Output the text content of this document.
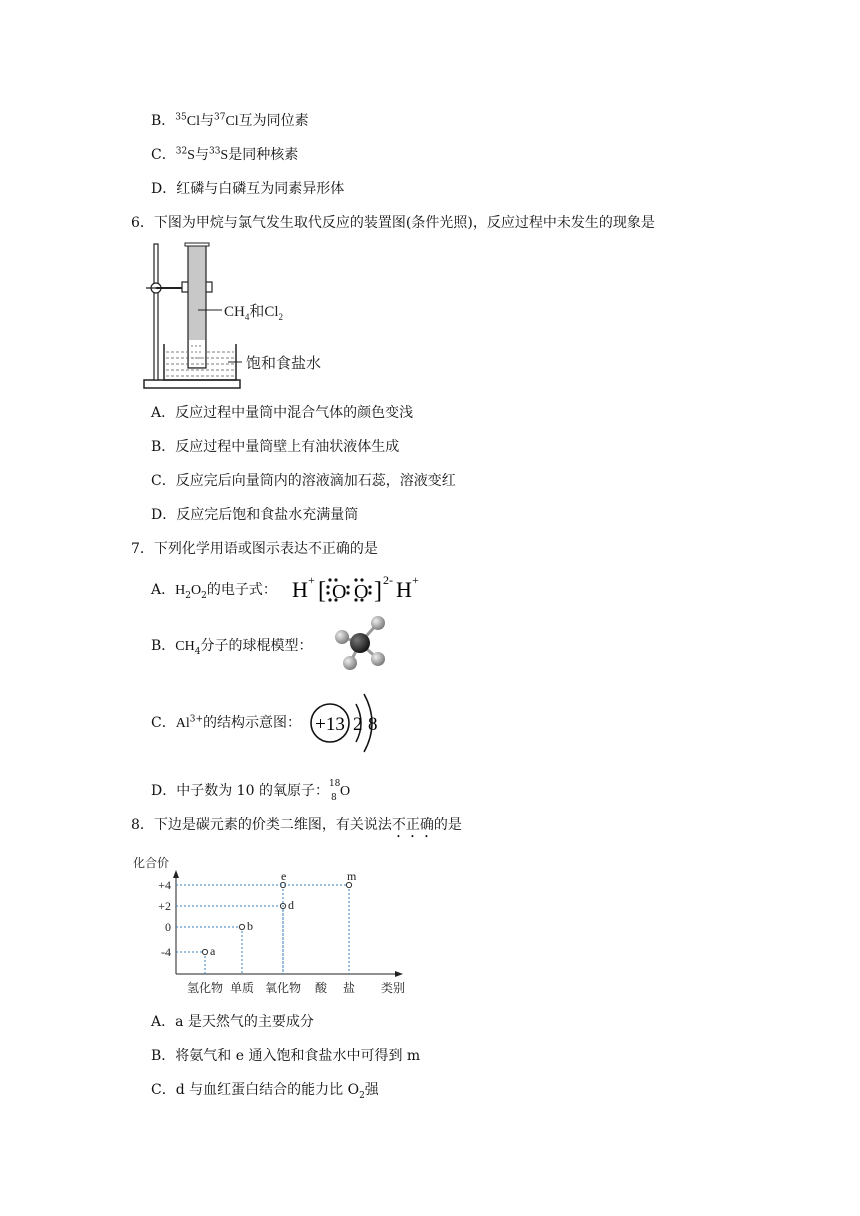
B．$^{35}$Cl与$^{37}$Cl互为同位素
C．$^{32}$S与$^{33}$S是同种核素
D．红磷与白磷互为同素异形体
6．下图为甲烷与氯气发生取代反应的装置图(条件光照)，反应过程中未发生的现象是
$CH_4$和$Cl_2$
饱和食盐水
A．反应过程中量筒中混合气体的颜色变浅
B．反应过程中量筒壁上有油状液体生成
C．反应完后向量筒内的溶液滴加石蕊，溶液变红
D．反应完后饱和食盐水充满量筒
7．下列化学用语或图示表达不正确的是
A．$H_2O_2$的电子式： H + [ O O ] 2- H +
B．$CH_4$分子的球棍模型：
C．$Al^{3+}$的结构示意图： +13 2 8
D．中子数为 10 的氧原子： 18
8 O
8．下边是碳元素的价类二维图，有关说法不正确的是
化合价
类别
+4
+2
0
-4
氢化物 单质 氧化物 酸 盐
a
b
d
e	m
A．a 是天然气的主要成分
B．将氨气和 e 通入饱和食盐水中可得到 m
C．d 与血红蛋白结合的能力比 $O_2$强
